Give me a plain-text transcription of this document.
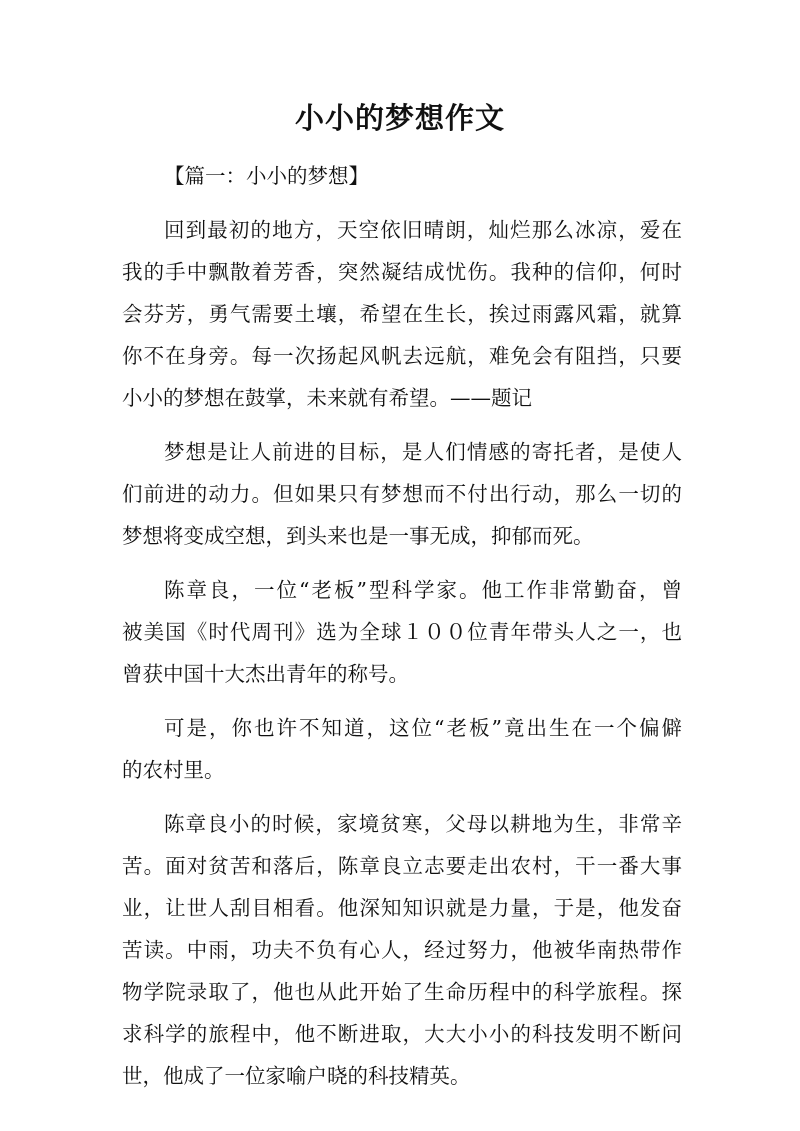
小小的梦想作文
【篇一：小小的梦想】
回到最初的地方，天空依旧晴朗，灿烂那么冰凉，爱在
我的手中飘散着芳香，突然凝结成忧伤。我种的信仰，何时
会芬芳，勇气需要土壤，希望在生长，挨过雨露风霜，就算
你不在身旁。每一次扬起风帆去远航，难免会有阻挡，只要
小小的梦想在鼓掌，未来就有希望。——题记
梦想是让人前进的目标，是人们情感的寄托者，是使人
们前进的动力。但如果只有梦想而不付出行动，那么一切的
梦想将变成空想，到头来也是一事无成，抑郁而死。
陈章良，一位“老板”型科学家。他工作非常勤奋，曾
被美国《时代周刊》选为全球１００位青年带头人之一，也
曾获中国十大杰出青年的称号。
可是，你也许不知道，这位“老板”竟出生在一个偏僻
的农村里。
陈章良小的时候，家境贫寒，父母以耕地为生，非常辛
苦。面对贫苦和落后，陈章良立志要走出农村，干一番大事
业，让世人刮目相看。他深知知识就是力量，于是，他发奋
苦读。中雨，功夫不负有心人，经过努力，他被华南热带作
物学院录取了，他也从此开始了生命历程中的科学旅程。探
求科学的旅程中，他不断进取，大大小小的科技发明不断问
世，他成了一位家喻户晓的科技精英。
